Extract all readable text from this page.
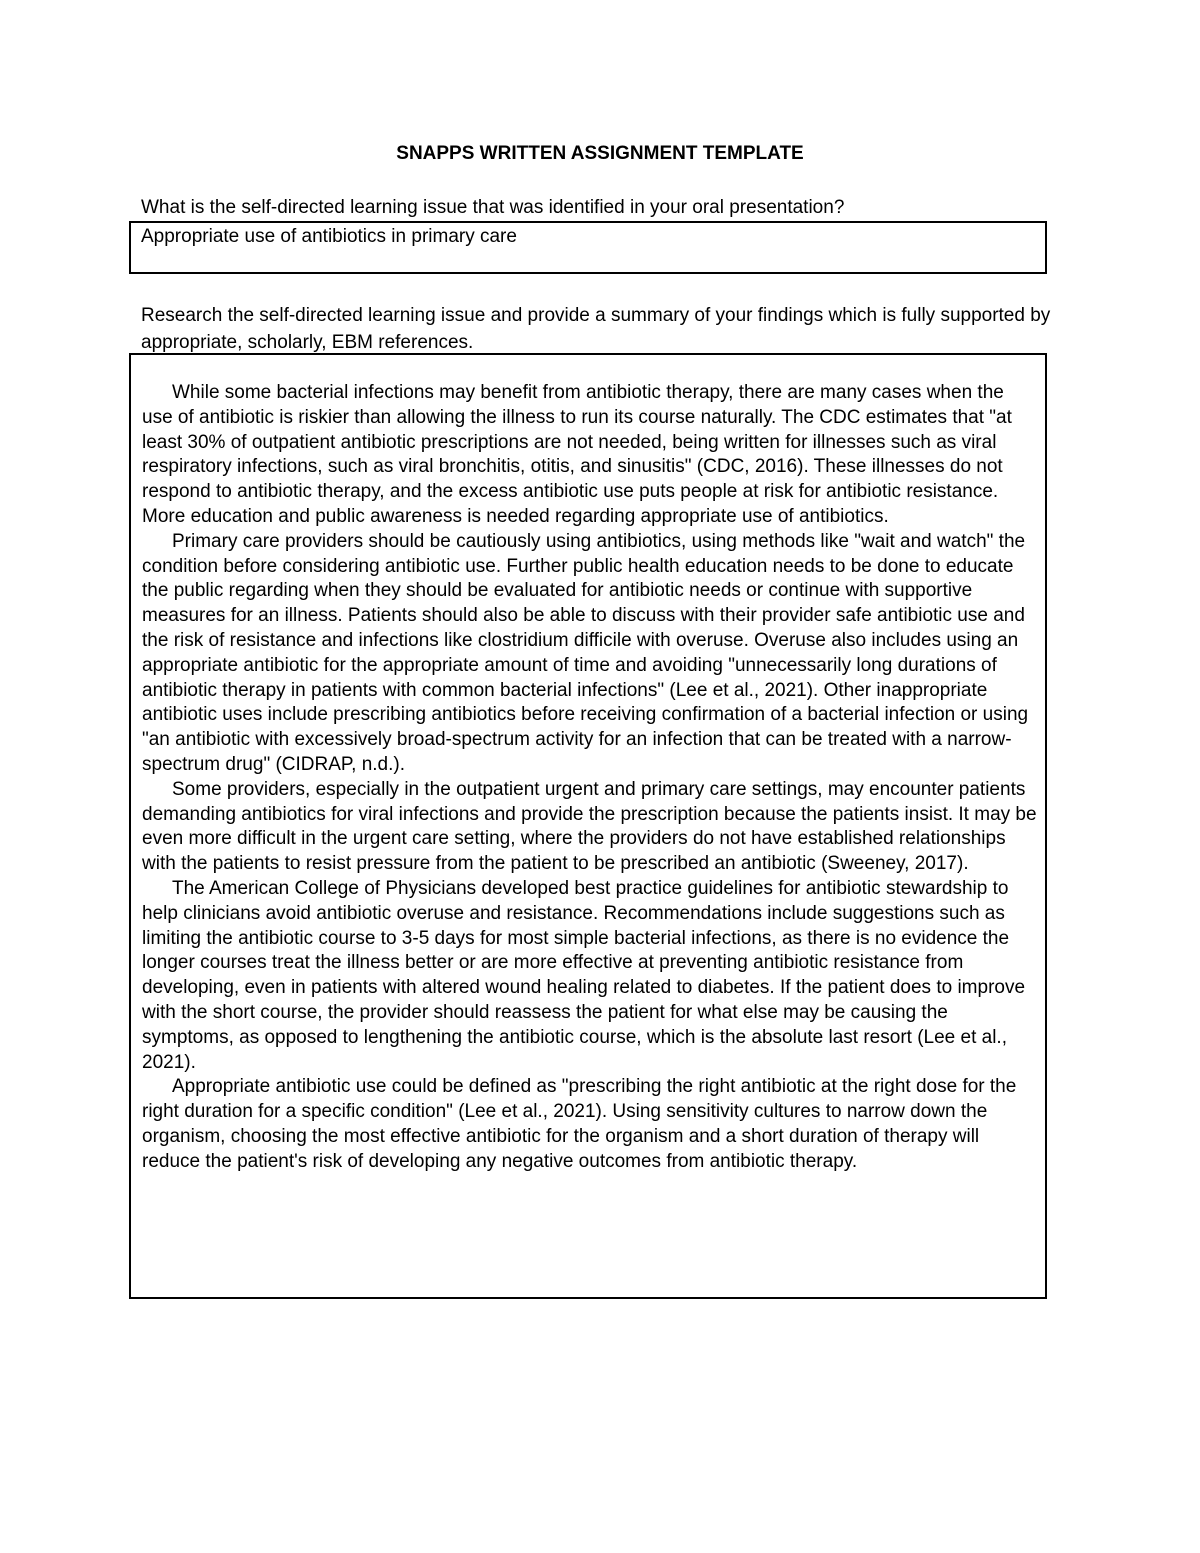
SNAPPS WRITTEN ASSIGNMENT TEMPLATE
What is the self-directed learning issue that was identified in your oral presentation?
Appropriate use of antibiotics in primary care
Research the self-directed learning issue and provide a summary of your findings which is fully supported by appropriate, scholarly, EBM references.

While some bacterial infections may benefit from antibiotic therapy, there are many cases when the use of antibiotic is riskier than allowing the illness to run its course naturally. The CDC estimates that "at least 30% of outpatient antibiotic prescriptions are not needed, being written for illnesses such as viral respiratory infections, such as viral bronchitis, otitis, and sinusitis" (CDC, 2016). These illnesses do not respond to antibiotic therapy, and the excess antibiotic use puts people at risk for antibiotic resistance. More education and public awareness is needed regarding appropriate use of antibiotics.

Primary care providers should be cautiously using antibiotics, using methods like "wait and watch" the condition before considering antibiotic use. Further public health education needs to be done to educate the public regarding when they should be evaluated for antibiotic needs or continue with supportive measures for an illness. Patients should also be able to discuss with their provider safe antibiotic use and the risk of resistance and infections like clostridium difficile with overuse. Overuse also includes using an appropriate antibiotic for the appropriate amount of time and avoiding "unnecessarily long durations of antibiotic therapy in patients with common bacterial infections" (Lee et al., 2021). Other inappropriate antibiotic uses include prescribing antibiotics before receiving confirmation of a bacterial infection or using "an antibiotic with excessively broad-spectrum activity for an infection that can be treated with a narrow-spectrum drug" (CIDRAP, n.d.).

Some providers, especially in the outpatient urgent and primary care settings, may encounter patients demanding antibiotics for viral infections and provide the prescription because the patients insist. It may be even more difficult in the urgent care setting, where the providers do not have established relationships with the patients to resist pressure from the patient to be prescribed an antibiotic (Sweeney, 2017).

The American College of Physicians developed best practice guidelines for antibiotic stewardship to help clinicians avoid antibiotic overuse and resistance. Recommendations include suggestions such as limiting the antibiotic course to 3-5 days for most simple bacterial infections, as there is no evidence the longer courses treat the illness better or are more effective at preventing antibiotic resistance from developing, even in patients with altered wound healing related to diabetes. If the patient does to improve with the short course, the provider should reassess the patient for what else may be causing the symptoms, as opposed to lengthening the antibiotic course, which is the absolute last resort (Lee et al., 2021).

Appropriate antibiotic use could be defined as "prescribing the right antibiotic at the right dose for the right duration for a specific condition" (Lee et al., 2021). Using sensitivity cultures to narrow down the organism, choosing the most effective antibiotic for the organism and a short duration of therapy will reduce the patient's risk of developing any negative outcomes from antibiotic therapy.
